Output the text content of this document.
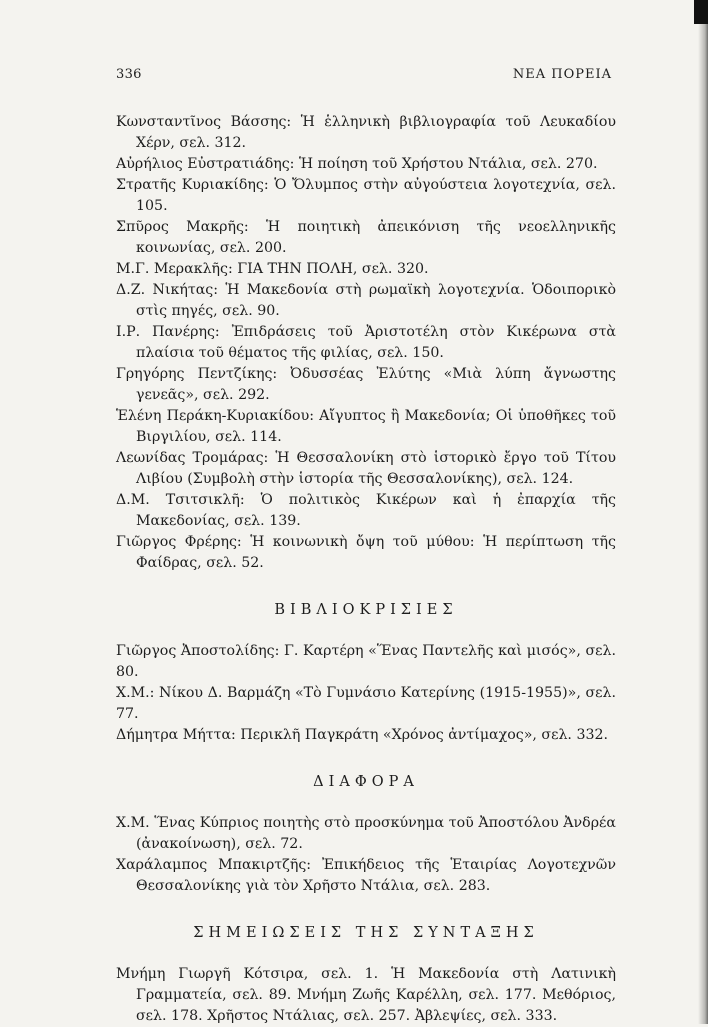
336	ΝΕΑ ΠΟΡΕΙΑ
Κωνσταντῖνος Βάσσης: Ἡ ἑλληνικὴ βιβλιογραφία τοῦ Λευκαδίου Χέρν, σελ. 312.
Αὐρήλιος Εὐστρατιάδης: Ἡ ποίηση τοῦ Χρήστου Ντάλια, σελ. 270.
Στρατῆς Κυριακίδης: Ὁ Ὄλυμπος στὴν αὐγούστεια λογοτεχνία, σελ. 105.
Σπῦρος Μακρῆς: Ἡ ποιητικὴ ἀπεικόνιση τῆς νεοελληνικῆς κοινωνίας, σελ. 200.
Μ.Γ. Μερακλῆς: ΓΙΑ ΤΗΝ ΠΟΛΗ, σελ. 320.
Δ.Ζ. Νικήτας: Ἡ Μακεδονία στὴ ρωμαϊκὴ λογοτεχνία. Ὁδοιπορικὸ στὶς πηγές, σελ. 90.
Ι.Ρ. Πανέρης: Ἐπιδράσεις τοῦ Ἀριστοτέλη στὸν Κικέρωνα στὰ πλαίσια τοῦ θέματος τῆς φιλίας, σελ. 150.
Γρηγόρης Πεντζίκης: Ὀδυσσέας Ἐλύτης «Μιὰ λύπη ἄγνωστης γενεᾶς», σελ. 292.
Ἑλένη Περάκη-Κυριακίδου: Αἴγυπτος ἢ Μακεδονία; Οἱ ὑποθῆκες τοῦ Βιργιλίου, σελ. 114.
Λεωνίδας Τρομάρας: Ἡ Θεσσαλονίκη στὸ ἱστορικὸ ἔργο τοῦ Τίτου Λιβίου (Συμβολὴ στὴν ἱστορία τῆς Θεσσαλονίκης), σελ. 124.
Δ.Μ. Τσιτσικλῆ: Ὁ πολιτικὸς Κικέρων καὶ ἡ ἐπαρχία τῆς Μακεδονίας, σελ. 139.
Γιῶργος Φρέρης: Ἡ κοινωνικὴ ὄψη τοῦ μύθου: Ἡ περίπτωση τῆς Φαίδρας, σελ. 52.
ΒΙΒΛΙΟΚΡΙΣΙΕΣ
Γιῶργος Ἀποστολίδης: Γ. Καρτέρη «Ἕνας Παντελῆς καὶ μισός», σελ. 80.
Χ.Μ.: Νίκου Δ. Βαρμάζη «Τὸ Γυμνάσιο Κατερίνης (1915-1955)», σελ. 77.
Δήμητρα Μήττα: Περικλῆ Παγκράτη «Χρόνος ἀντίμαχος», σελ. 332.
ΔΙΑΦΟΡΑ
Χ.Μ. Ἕνας Κύπριος ποιητὴς στὸ προσκύνημα τοῦ Ἀποστόλου Ἀνδρέα (ἀνακοίνωση), σελ. 72.
Χαράλαμπος Μπακιρτζῆς: Ἐπικήδειος τῆς Ἑταιρίας Λογοτεχνῶν Θεσσαλονίκης γιὰ τὸν Χρῆστο Ντάλια, σελ. 283.
ΣΗΜΕΙΩΣΕΙΣ ΤΗΣ ΣΥΝΤΑΞΗΣ
Μνήμη Γιωργῆ Κότσιρα, σελ. 1. Ἡ Μακεδονία στὴ Λατινικὴ Γραμματεία, σελ. 89. Μνήμη Ζωῆς Καρέλλη, σελ. 177. Μεθόριος, σελ. 178. Χρῆστος Ντάλιας, σελ. 257. Ἀβλεψίες, σελ. 333.
